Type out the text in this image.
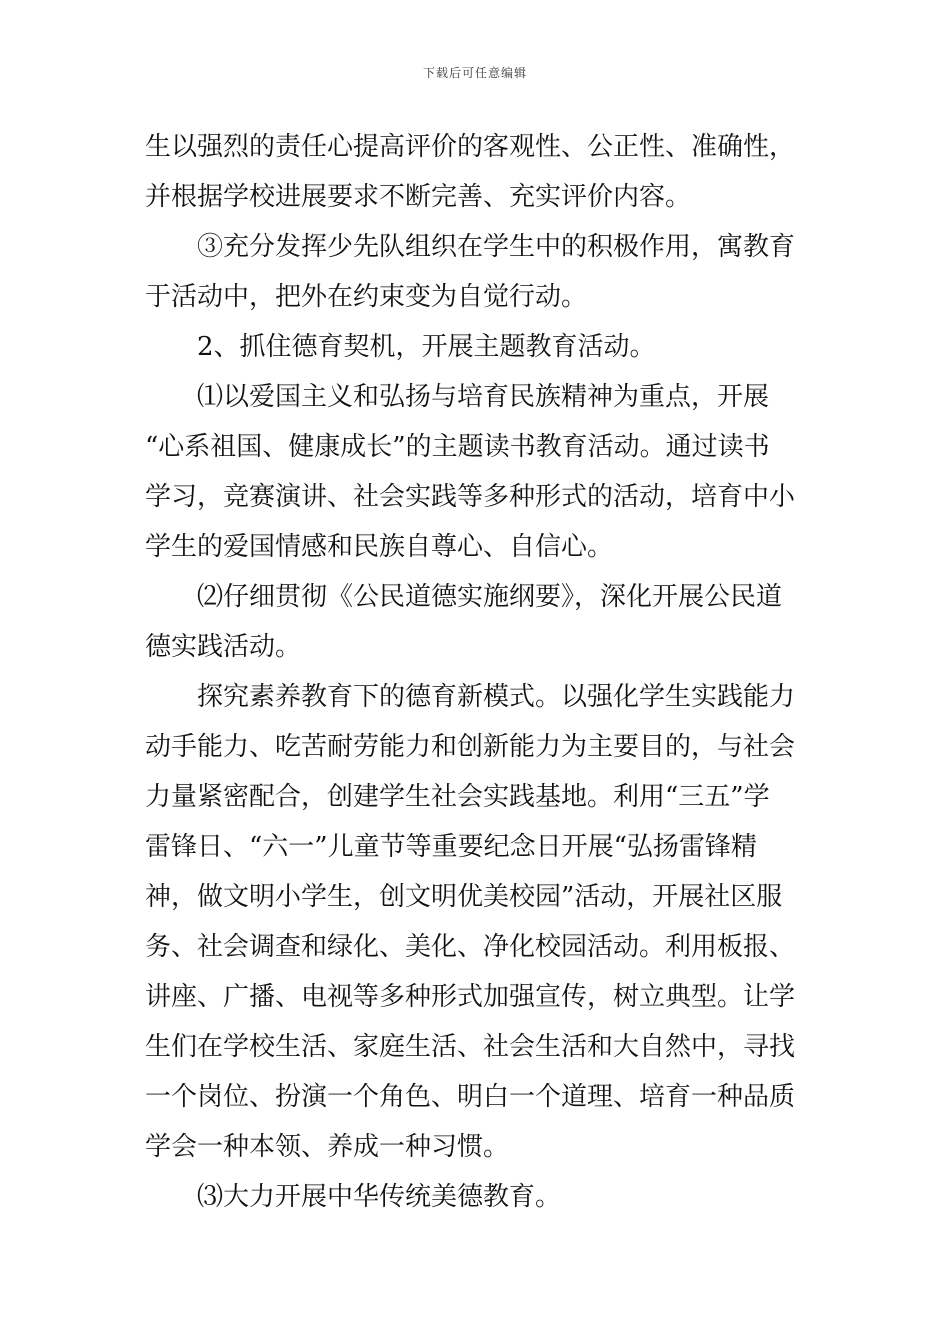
下载后可任意编辑
生以强烈的责任心提高评价的客观性、公正性、准确性，
并根据学校进展要求不断完善、充实评价内容。
③充分发挥少先队组织在学生中的积极作用，寓教育
于活动中，把外在约束变为自觉行动。
2、抓住德育契机，开展主题教育活动。
⑴以爱国主义和弘扬与培育民族精神为重点，开展
“心系祖国、健康成长”的主题读书教育活动。通过读书
学习，竞赛演讲、社会实践等多种形式的活动，培育中小
学生的爱国情感和民族自尊心、自信心。
⑵仔细贯彻《公民道德实施纲要》，深化开展公民道
德实践活动。
探究素养教育下的德育新模式。以强化学生实践能力
动手能力、吃苦耐劳能力和创新能力为主要目的，与社会
力量紧密配合，创建学生社会实践基地。利用“三五”学
雷锋日、“六一”儿童节等重要纪念日开展“弘扬雷锋精
神，做文明小学生，创文明优美校园”活动，开展社区服
务、社会调查和绿化、美化、净化校园活动。利用板报、
讲座、广播、电视等多种形式加强宣传，树立典型。让学
生们在学校生活、家庭生活、社会生活和大自然中，寻找
一个岗位、扮演一个角色、明白一个道理、培育一种品质
学会一种本领、养成一种习惯。
⑶大力开展中华传统美德教育。
